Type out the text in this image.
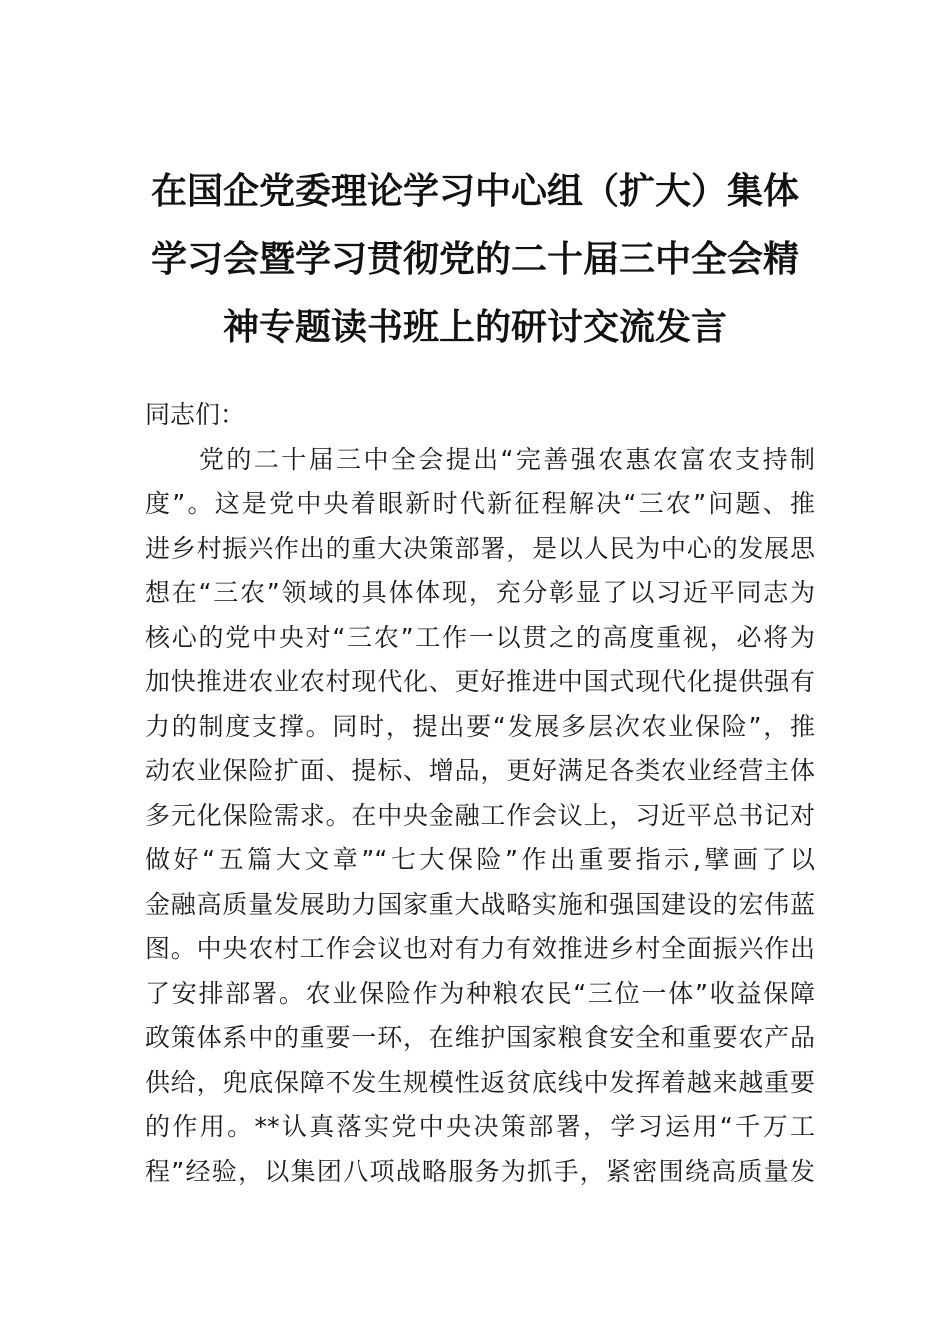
在国企党委理论学习中心组（扩大）集体
学习会暨学习贯彻党的二十届三中全会精
神专题读书班上的研讨交流发言
同志们：
党的二十届三中全会提出“完善强农惠农富农支持制
度”。这是党中央着眼新时代新征程解决“三农”问题、推
进乡村振兴作出的重大决策部署，是以人民为中心的发展思
想在“三农”领域的具体体现，充分彰显了以习近平同志为
核心的党中央对“三农”工作一以贯之的高度重视，必将为
加快推进农业农村现代化、更好推进中国式现代化提供强有
力的制度支撑。同时，提出要“发展多层次农业保险”，推
动农业保险扩面、提标、增品，更好满足各类农业经营主体
多元化保险需求。在中央金融工作会议上，习近平总书记对
做好“五篇大文章”“七大保险”作出重要指示,擘画了以
金融高质量发展助力国家重大战略实施和强国建设的宏伟蓝
图。中央农村工作会议也对有力有效推进乡村全面振兴作出
了安排部署。农业保险作为种粮农民“三位一体”收益保障
政策体系中的重要一环，在维护国家粮食安全和重要农产品
供给，兜底保障不发生规模性返贫底线中发挥着越来越重要
的作用。**认真落实党中央决策部署，学习运用“千万工
程”经验，以集团八项战略服务为抓手，紧密围绕高质量发
